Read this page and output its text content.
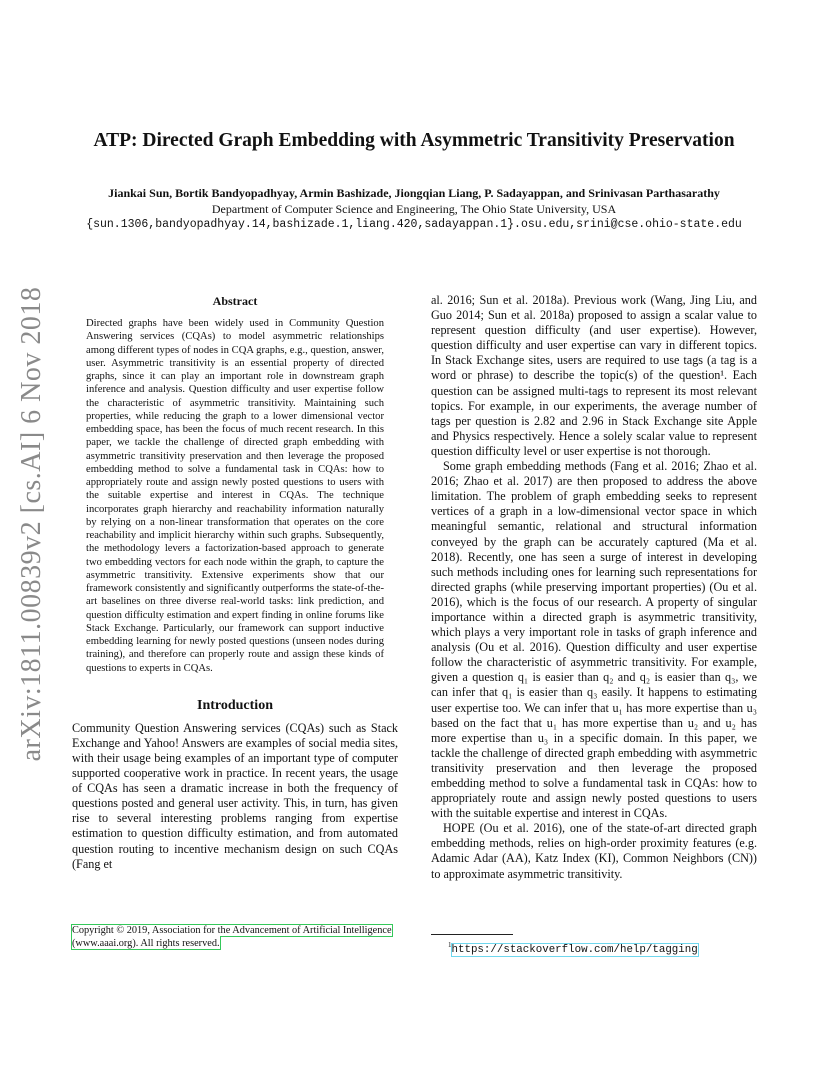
arXiv:1811.00839v2 [cs.AI] 6 Nov 2018
ATP: Directed Graph Embedding with Asymmetric Transitivity Preservation
Jiankai Sun, Bortik Bandyopadhyay, Armin Bashizade, Jiongqian Liang, P. Sadayappan, and Srinivasan Parthasarathy
Department of Computer Science and Engineering, The Ohio State University, USA
{sun.1306,bandyopadhyay.14,bashizade.1,liang.420,sadayappan.1}.osu.edu,srini@cse.ohio-state.edu
Abstract

Directed graphs have been widely used in Community Question Answering services (CQAs) to model asymmetric relationships among different types of nodes in CQA graphs, e.g., question, answer, user. Asymmetric transitivity is an essential property of directed graphs, since it can play an important role in downstream graph inference and analysis. Question difficulty and user expertise follow the characteristic of asymmetric transitivity. Maintaining such properties, while reducing the graph to a lower dimensional vector embedding space, has been the focus of much recent research. In this paper, we tackle the challenge of directed graph embedding with asymmetric transitivity preservation and then leverage the proposed embedding method to solve a fundamental task in CQAs: how to appropriately route and assign newly posted questions to users with the suitable expertise and interest in CQAs. The technique incorporates graph hierarchy and reachability information naturally by relying on a non-linear transformation that operates on the core reachability and implicit hierarchy within such graphs. Subsequently, the methodology levers a factorization-based approach to generate two embedding vectors for each node within the graph, to capture the asymmetric transitivity. Extensive experiments show that our framework consistently and significantly outperforms the state-of-the-art baselines on three diverse real-world tasks: link prediction, and question difficulty estimation and expert finding in online forums like Stack Exchange. Particularly, our framework can support inductive embedding learning for newly posted questions (unseen nodes during training), and therefore can properly route and assign these kinds of questions to experts in CQAs.

Introduction

Community Question Answering services (CQAs) such as Stack Exchange and Yahoo! Answers are examples of social media sites, with their usage being examples of an important type of computer supported cooperative work in practice. In recent years, the usage of CQAs has seen a dramatic increase in both the frequency of questions posted and general user activity. This, in turn, has given rise to several interesting problems ranging from expertise estimation to question difficulty estimation, and from automated question routing to incentive mechanism design on such CQAs (Fang et

Copyright © 2019, Association for the Advancement of Artificial Intelligence (www.aaai.org). All rights reserved.

al. 2016; Sun et al. 2018a). Previous work (Wang, Jing Liu, and Guo 2014; Sun et al. 2018a) proposed to assign a scalar value to represent question difficulty (and user expertise). However, question difficulty and user expertise can vary in different topics. In Stack Exchange sites, users are required to use tags (a tag is a word or phrase) to describe the topic(s) of the question¹. Each question can be assigned multi-tags to represent its most relevant topics. For example, in our experiments, the average number of tags per question is 2.82 and 2.96 in Stack Exchange site Apple and Physics respectively. Hence a solely scalar value to represent question difficulty level or user expertise is not thorough.

Some graph embedding methods (Fang et al. 2016; Zhao et al. 2016; Zhao et al. 2017) are then proposed to address the above limitation. The problem of graph embedding seeks to represent vertices of a graph in a low-dimensional vector space in which meaningful semantic, relational and structural information conveyed by the graph can be accurately captured (Ma et al. 2018). Recently, one has seen a surge of interest in developing such methods including ones for learning such representations for directed graphs (while preserving important properties) (Ou et al. 2016), which is the focus of our research. A property of singular importance within a directed graph is asymmetric transitivity, which plays a very important role in tasks of graph inference and analysis (Ou et al. 2016). Question difficulty and user expertise follow the characteristic of asymmetric transitivity. For example, given a question q₁ is easier than q₂ and q₂ is easier than q₃, we can infer that q₁ is easier than q₃ easily. It happens to estimating user expertise too. We can infer that u₁ has more expertise than u₃ based on the fact that u₁ has more expertise than u₂ and u₂ has more expertise than u₃ in a specific domain. In this paper, we tackle the challenge of directed graph embedding with asymmetric transitivity preservation and then leverage the proposed embedding method to solve a fundamental task in CQAs: how to appropriately route and assign newly posted questions to users with the suitable expertise and interest in CQAs.

HOPE (Ou et al. 2016), one of the state-of-art directed graph embedding methods, relies on high-order proximity features (e.g. Adamic Adar (AA), Katz Index (KI), Common Neighbors (CN)) to approximate asymmetric transitivity.

$^1$https://stackoverflow.com/help/tagging
